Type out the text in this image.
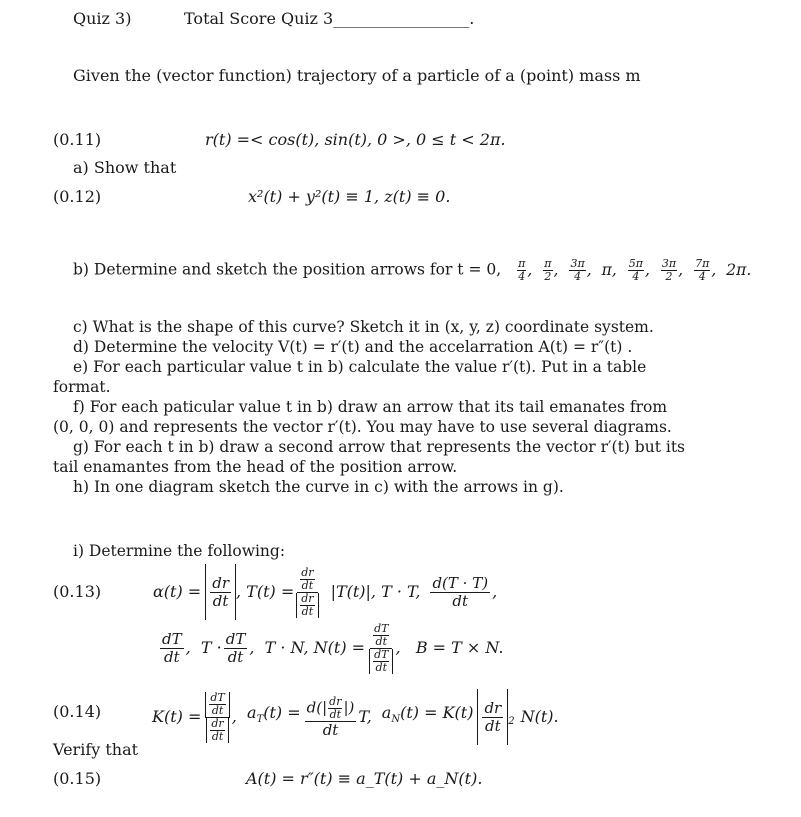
Quiz 3)	Total Score Quiz 3_________________.
Given the (vector function) trajectory of a particle of a (point) mass m
(0.11)	r(t) =< cos(t), sin(t), 0 >, 0 ≤ t < 2π.
a) Show that
(0.12)	x²(t) + y²(t) ≡ 1, z(t) ≡ 0.
b) Determine and sketch the position arrows for t = 0, $\frac{\pi}{4}$ , $\frac{\pi}{2}$ , $\frac{3\pi}{4}$ , π, $\frac{5\pi}{4}$ , $\frac{3\pi}{2}$ , $\frac{7\pi}{4}$ , 2π.
c) What is the shape of this curve? Sketch it in (x, y, z) coordinate system.
d) Determine the velocity V(t) = r′(t) and the accelarration A(t) = r″(t) .
e) For each particular value t in b) calculate the value r′(t). Put in a table
format.
f) For each paticular value t in b) draw an arrow that its tail emanates from
(0, 0, 0) and represents the vector r′(t). You may have to use several diagrams.
g) For each t in b) draw a second arrow that represents the vector r′(t) but its
tail enamantes from the head of the position arrow.
h) In one diagram sketch the curve in c) with the arrows in g).
i) Determine the following:
(0.13)	$\alpha(t) = \frac{dr}{dt}$ , $T(t) = \frac{dr}{dt}$
$\frac{dr}{dt}$
|T(t)|, T · T, d(T · T)
dt ,
dT
dt , T · dT
dt , T · N, $N(t) = \frac{dT}{dt}$
$\frac{dT}{dt}$
, B = T × N.
(0.14)	$K(t) = \frac{dT}{dt}$
$\frac{dr}{dt}$
, $a_T(t) = d(| \frac{dr}{dt}$ |)
dt
T, $a_N(t) = K(t) \frac{dr}{dt} _2$ N(t).
Verify that
(0.15)	A(t) = r″(t) ≡ a_T(t) + a_N(t).
